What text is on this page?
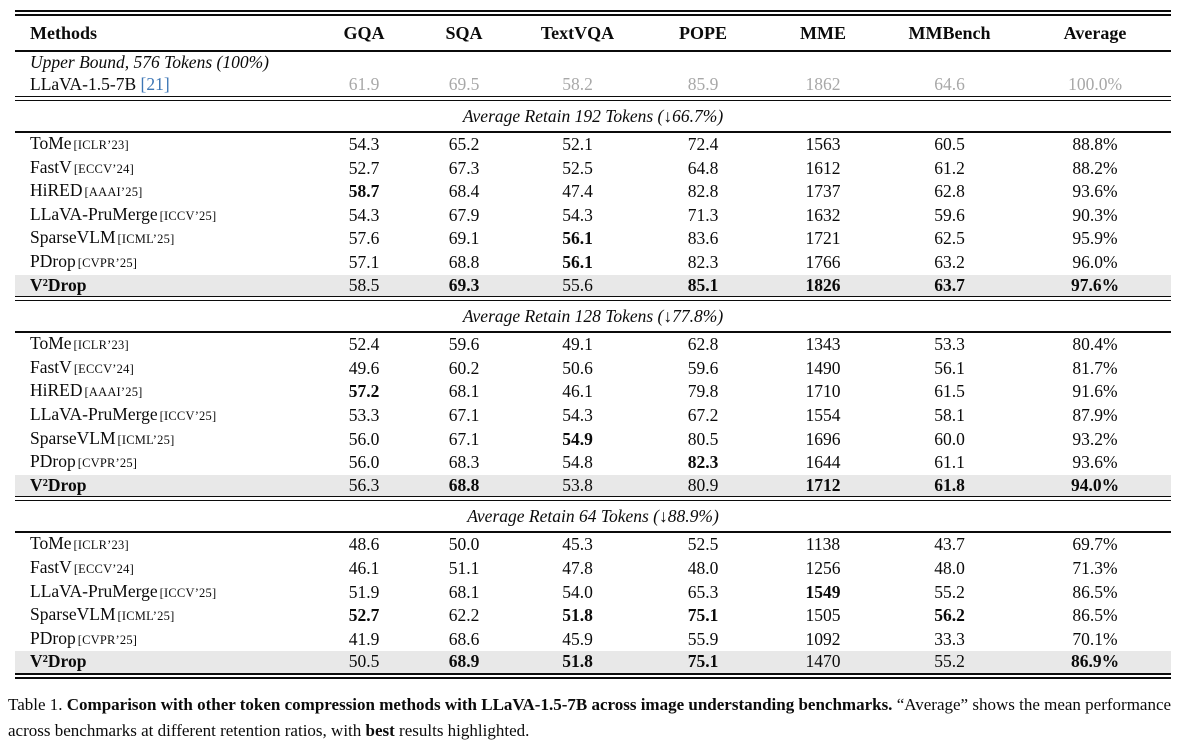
Methods	GQA	SQA	TextVQA	POPE	MME	MMBench	Average
Upper Bound, 576 Tokens (100%)
LLaVA-1.5-7B [21]	61.9	69.5	58.2	85.9	1862	64.6	100.0%
Average Retain 192 Tokens (↓66.7%)
ToMe [ICLR’23]	54.3	65.2	52.1	72.4	1563	60.5	88.8%
FastV [ECCV’24]	52.7	67.3	52.5	64.8	1612	61.2	88.2%
HiRED [AAAI’25]	58.7	68.4	47.4	82.8	1737	62.8	93.6%
LLaVA-PruMerge [ICCV’25]	54.3	67.9	54.3	71.3	1632	59.6	90.3%
SparseVLM [ICML’25]	57.6	69.1	56.1	83.6	1721	62.5	95.9%
PDrop [CVPR’25]	57.1	68.8	56.1	82.3	1766	63.2	96.0%
V²Drop	58.5	69.3	55.6	85.1	1826	63.7	97.6%
Average Retain 128 Tokens (↓77.8%)
ToMe [ICLR’23]	52.4	59.6	49.1	62.8	1343	53.3	80.4%
FastV [ECCV’24]	49.6	60.2	50.6	59.6	1490	56.1	81.7%
HiRED [AAAI’25]	57.2	68.1	46.1	79.8	1710	61.5	91.6%
LLaVA-PruMerge [ICCV’25]	53.3	67.1	54.3	67.2	1554	58.1	87.9%
SparseVLM [ICML’25]	56.0	67.1	54.9	80.5	1696	60.0	93.2%
PDrop [CVPR’25]	56.0	68.3	54.8	82.3	1644	61.1	93.6%
V²Drop	56.3	68.8	53.8	80.9	1712	61.8	94.0%
Average Retain 64 Tokens (↓88.9%)
ToMe [ICLR’23]	48.6	50.0	45.3	52.5	1138	43.7	69.7%
FastV [ECCV’24]	46.1	51.1	47.8	48.0	1256	48.0	71.3%
LLaVA-PruMerge [ICCV’25]	51.9	68.1	54.0	65.3	1549	55.2	86.5%
SparseVLM [ICML’25]	52.7	62.2	51.8	75.1	1505	56.2	86.5%
PDrop [CVPR’25]	41.9	68.6	45.9	55.9	1092	33.3	70.1%
V²Drop	50.5	68.9	51.8	75.1	1470	55.2	86.9%

Table 1. Comparison with other token compression methods with LLaVA-1.5-7B across image understanding benchmarks. “Average” shows the mean performance across benchmarks at different retention ratios, with best results highlighted.
